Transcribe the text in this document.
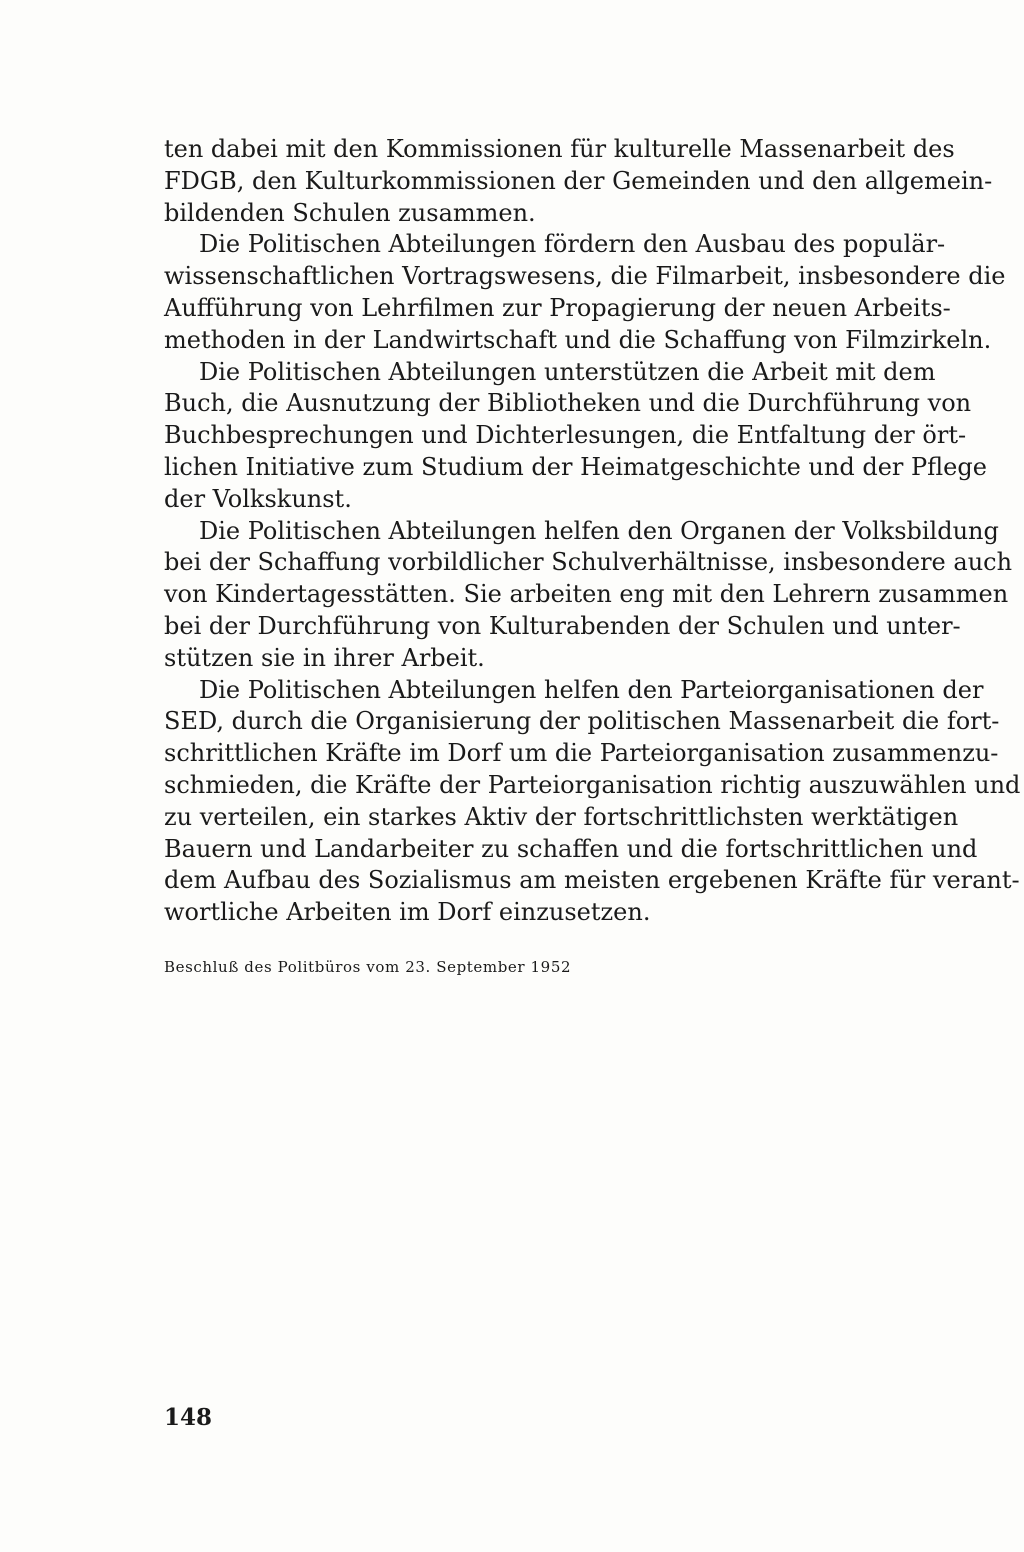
ten dabei mit den Kommissionen für kulturelle Massenarbeit des
FDGB, den Kulturkommissionen der Gemeinden und den allgemein-
bildenden Schulen zusammen.

Die Politischen Abteilungen fördern den Ausbau des populär-
wissenschaftlichen Vortragswesens, die Filmarbeit, insbesondere die
Aufführung von Lehrfilmen zur Propagierung der neuen Arbeits-
methoden in der Landwirtschaft und die Schaffung von Filmzirkeln.

Die Politischen Abteilungen unterstützen die Arbeit mit dem
Buch, die Ausnutzung der Bibliotheken und die Durchführung von
Buchbesprechungen und Dichterlesungen, die Entfaltung der ört-
lichen Initiative zum Studium der Heimatgeschichte und der Pflege
der Volkskunst.

Die Politischen Abteilungen helfen den Organen der Volksbildung
bei der Schaffung vorbildlicher Schulverhältnisse, insbesondere auch
von Kindertagesstätten. Sie arbeiten eng mit den Lehrern zusammen
bei der Durchführung von Kulturabenden der Schulen und unter-
stützen sie in ihrer Arbeit.

Die Politischen Abteilungen helfen den Parteiorganisationen der
SED, durch die Organisierung der politischen Massenarbeit die fort-
schrittlichen Kräfte im Dorf um die Parteiorganisation zusammenzu-
schmieden, die Kräfte der Parteiorganisation richtig auszuwählen und
zu verteilen, ein starkes Aktiv der fortschrittlichsten werktätigen
Bauern und Landarbeiter zu schaffen und die fortschrittlichen und
dem Aufbau des Sozialismus am meisten ergebenen Kräfte für verant-
wortliche Arbeiten im Dorf einzusetzen.

Beschluß des Politbüros vom 23. September 1952
148
